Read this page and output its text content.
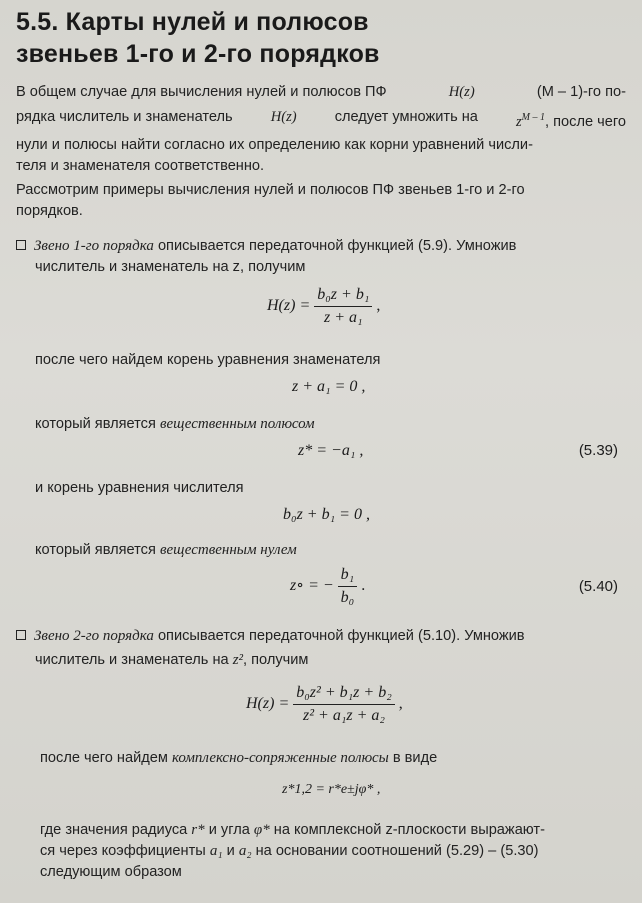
5.5. Карты нулей и полюсов
звеньев 1-го и 2-го порядков
В общем случае для вычисления нулей и полюсов ПФ	H(z)	(M – 1)-го по-
рядка числитель и знаменатель	H(z)	следует умножить на	$z^{M - 1}$, после чего
нули и полюсы найти согласно их определению как корни уравнений числи-
теля и знаменателя соответственно.
Рассмотрим примеры вычисления нулей и полюсов ПФ звеньев 1-го и 2-го
порядков.
Звено 1-го порядка описывается передаточной функцией (5.9). Умножив
числитель и знаменатель на z, получим
$H(z) = \frac{\text{b₀z + b₁}}{\text{z + a₁}}$ ,
после чего найдем корень уравнения знаменателя
z + a₁ = 0 ,
который является вещественным полюсом
z* = −a₁ ,	(5.39)
и корень уравнения числителя
b₀z + b₁ = 0 ,
который является вещественным нулем
z∘ = − $\frac{\text{b₁}}{\text{b₀}}$ .	(5.40)
Звено 2-го порядка описывается передаточной функцией (5.10). Умножив
числитель и знаменатель на z², получим
$H(z) = \frac{\text{b₀z² + b₁z + b₂}}{\text{z² + a₁z + a₂}}$ ,
после чего найдем комплексно-сопряженные полюсы в виде
z*1,2 = r*e±jφ* ,
где значения радиуса r* и угла φ* на комплексной z-плоскости выражают-
ся через коэффициенты a₁ и a₂ на основании соотношений (5.29) – (5.30)
следующим образом
